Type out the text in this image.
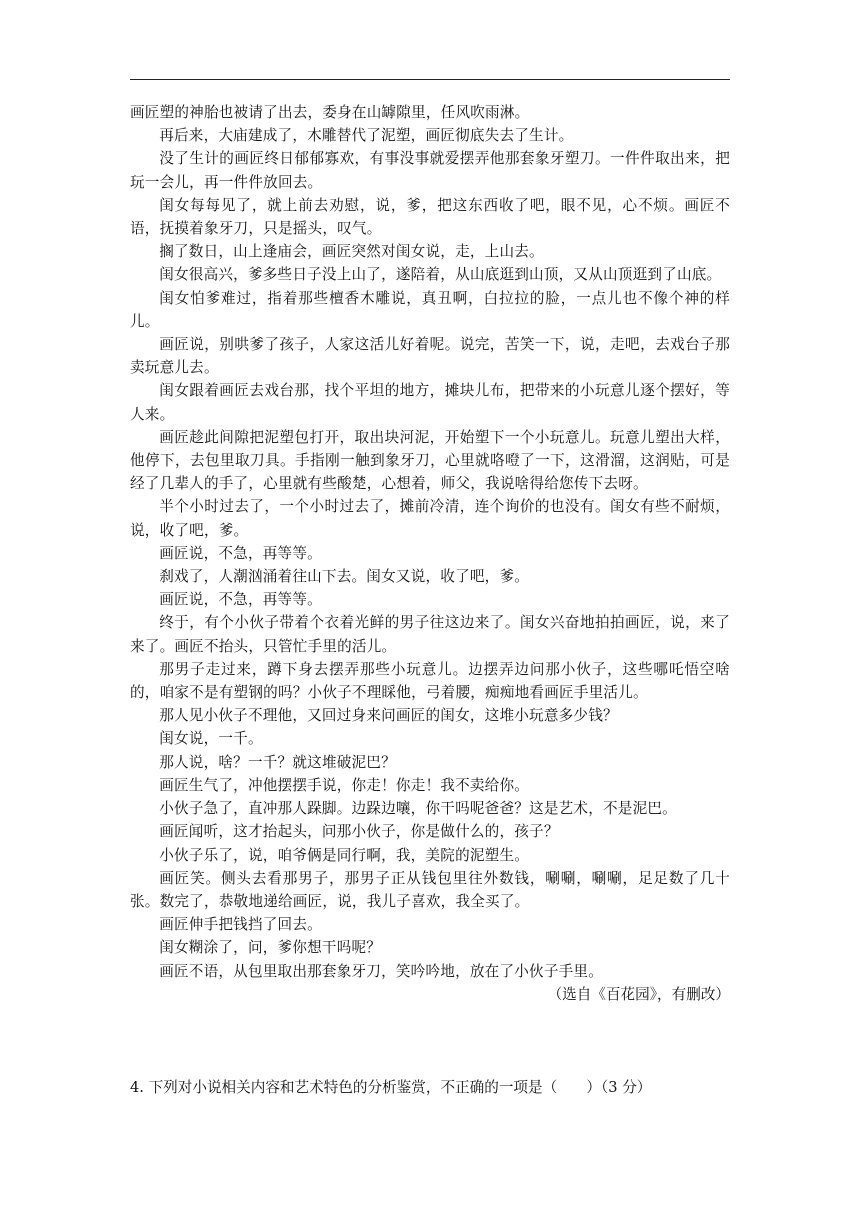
画匠塑的神胎也被请了出去，委身在山罅隙里，任风吹雨淋。

再后来，大庙建成了，木雕替代了泥塑，画匠彻底失去了生计。

没了生计的画匠终日郁郁寡欢，有事没事就爱摆弄他那套象牙塑刀。一件件取出来，把玩一会儿，再一件件放回去。

闺女每每见了，就上前去劝慰，说，爹，把这东西收了吧，眼不见，心不烦。画匠不语，抚摸着象牙刀，只是摇头，叹气。

搁了数日，山上逢庙会，画匠突然对闺女说，走，上山去。

闺女很高兴，爹多些日子没上山了，遂陪着，从山底逛到山顶，又从山顶逛到了山底。

闺女怕爹难过，指着那些檀香木雕说，真丑啊，白拉拉的脸，一点儿也不像个神的样儿。

画匠说，别哄爹了孩子，人家这活儿好着呢。说完，苦笑一下，说，走吧，去戏台子那卖玩意儿去。

闺女跟着画匠去戏台那，找个平坦的地方，摊块儿布，把带来的小玩意儿逐个摆好，等人来。

画匠趁此间隙把泥塑包打开，取出块河泥，开始塑下一个小玩意儿。玩意儿塑出大样，他停下，去包里取刀具。手指刚一触到象牙刀，心里就咯噔了一下，这滑溜，这润贴，可是经了几辈人的手了，心里就有些酸楚，心想着，师父，我说啥得给您传下去呀。

半个小时过去了，一个小时过去了，摊前冷清，连个询价的也没有。闺女有些不耐烦，说，收了吧，爹。

画匠说，不急，再等等。

刹戏了，人潮汹涌着往山下去。闺女又说，收了吧，爹。

画匠说，不急，再等等。

终于，有个小伙子带着个衣着光鲜的男子往这边来了。闺女兴奋地拍拍画匠，说，来了来了。画匠不抬头，只管忙手里的活儿。

那男子走过来，蹲下身去摆弄那些小玩意儿。边摆弄边问那小伙子，这些哪吒悟空啥的，咱家不是有塑钢的吗？小伙子不理睬他，弓着腰，痴痴地看画匠手里活儿。

那人见小伙子不理他，又回过身来问画匠的闺女，这堆小玩意多少钱？

闺女说，一千。

那人说，啥？一千？就这堆破泥巴？

画匠生气了，冲他摆摆手说，你走！你走！我不卖给你。

小伙子急了，直冲那人跺脚。边跺边嚷，你干吗呢爸爸？这是艺术，不是泥巴。

画匠闻听，这才抬起头，问那小伙子，你是做什么的，孩子？

小伙子乐了，说，咱爷俩是同行啊，我，美院的泥塑生。

画匠笑。侧头去看那男子，那男子正从钱包里往外数钱，唰唰，唰唰，足足数了几十张。数完了，恭敬地递给画匠，说，我儿子喜欢，我全买了。

画匠伸手把钱挡了回去。

闺女糊涂了，问，爹你想干吗呢？

画匠不语，从包里取出那套象牙刀，笑吟吟地，放在了小伙子手里。

（选自《百花园》，有删改）

4. 下列对小说相关内容和艺术特色的分析鉴赏，不正确的一项是（　　）（3 分）
